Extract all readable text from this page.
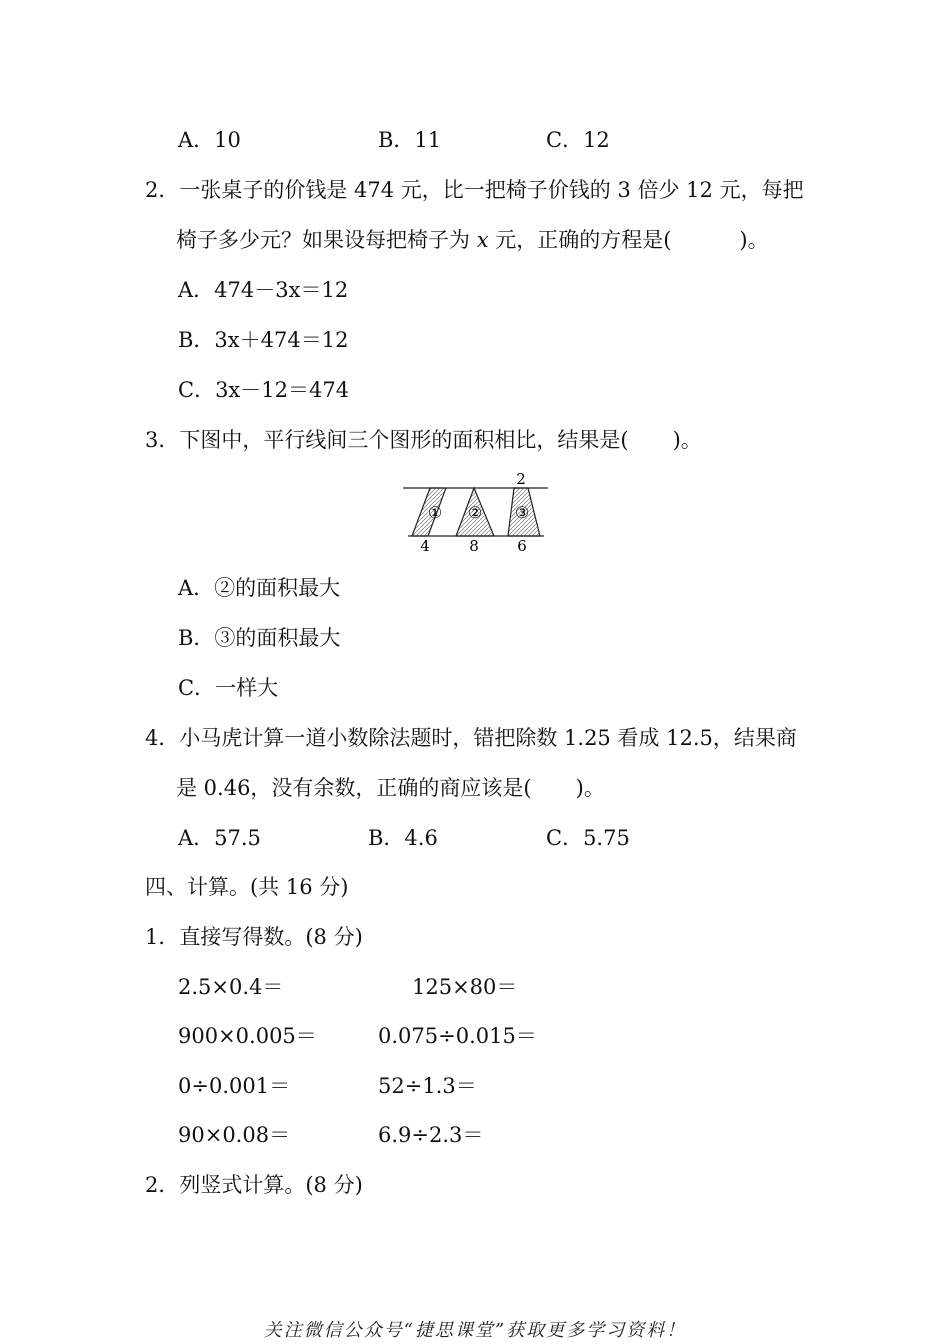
A．10	B．11	C．12
2．一张桌子的价钱是 474 元，比一把椅子价钱的 3 倍少 12 元，每把
椅子多少元？如果设每把椅子为 x 元，正确的方程是(	)。
A．474－3x＝12
B．3x＋474＝12
C．3x－12＝474
3．下图中，平行线间三个图形的面积相比，结果是( )。
2
① ② ③
4	8	6
A．②的面积最大
B．③的面积最大
C．一样大
4．小马虎计算一道小数除法题时，错把除数 1.25 看成 12.5，结果商
是 0.46，没有余数，正确的商应该是( )。
A．57.5	B．4.6	C．5.75
四、计算。(共 16 分)
1．直接写得数。(8 分)
2.5×0.4＝	125×80＝
900×0.005＝	0.075÷0.015＝
0÷0.001＝	52÷1.3＝
90×0.08＝	6.9÷2.3＝
2．列竖式计算。(8 分)
关注微信公众号“捷思课堂”获取更多学习资料！
